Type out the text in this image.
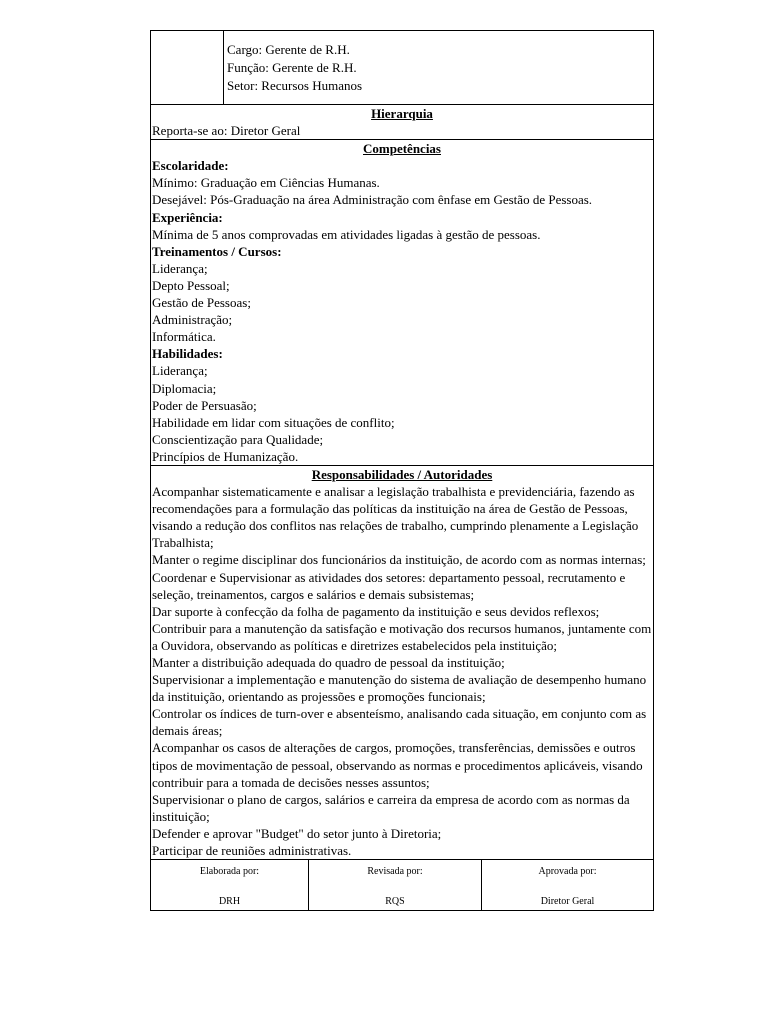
Cargo: Gerente de R.H.
Função: Gerente de R.H.
Setor: Recursos Humanos
Hierarquia
Reporta-se ao: Diretor Geral
Competências
Escolaridade:
Mínimo: Graduação em Ciências Humanas.
Desejável: Pós-Graduação na área Administração com ênfase em Gestão de Pessoas.
Experiência:
Mínima de 5 anos comprovadas em atividades ligadas à gestão de pessoas.
Treinamentos / Cursos:
Liderança;
Depto Pessoal;
Gestão de Pessoas;
Administração;
Informática.
Habilidades:
Liderança;
Diplomacia;
Poder de Persuasão;
Habilidade em lidar com situações de conflito;
Conscientização para Qualidade;
Princípios de Humanização.
Responsabilidades / Autoridades
Acompanhar sistematicamente e analisar a legislação trabalhista e previdenciária, fazendo as recomendações para a formulação das políticas da instituição na área de Gestão de Pessoas, visando a redução dos conflitos nas relações de trabalho, cumprindo plenamente a Legislação Trabalhista;
Manter o regime disciplinar dos funcionários da instituição, de acordo com as normas internas;
Coordenar e Supervisionar as atividades dos setores: departamento pessoal, recrutamento e seleção, treinamentos, cargos e salários e demais subsistemas;
Dar suporte à confecção da folha de pagamento da instituição e seus devidos reflexos;
Contribuir para a manutenção da satisfação e motivação dos recursos humanos, juntamente com a Ouvidora, observando as políticas e diretrizes estabelecidos pela instituição;
Manter a distribuição adequada do quadro de pessoal da instituição;
Supervisionar a implementação e manutenção do sistema de avaliação de desempenho humano da instituição, orientando as projessões e promoções funcionais;
Controlar os índices de turn-over e absenteísmo, analisando cada situação, em conjunto com as demais áreas;
Acompanhar os casos de alterações de cargos, promoções, transferências, demissões e outros tipos de movimentação de pessoal, observando as normas e procedimentos aplicáveis, visando contribuir para a tomada de decisões nesses assuntos;
Supervisionar o plano de cargos, salários e carreira da empresa de acordo com as normas da instituição;
Defender e aprovar "Budget" do setor junto à Diretoria;
Participar de reuniões administrativas.
Elaborada por:
DRH
Revisada por:
RQS
Aprovada por:
Diretor Geral
